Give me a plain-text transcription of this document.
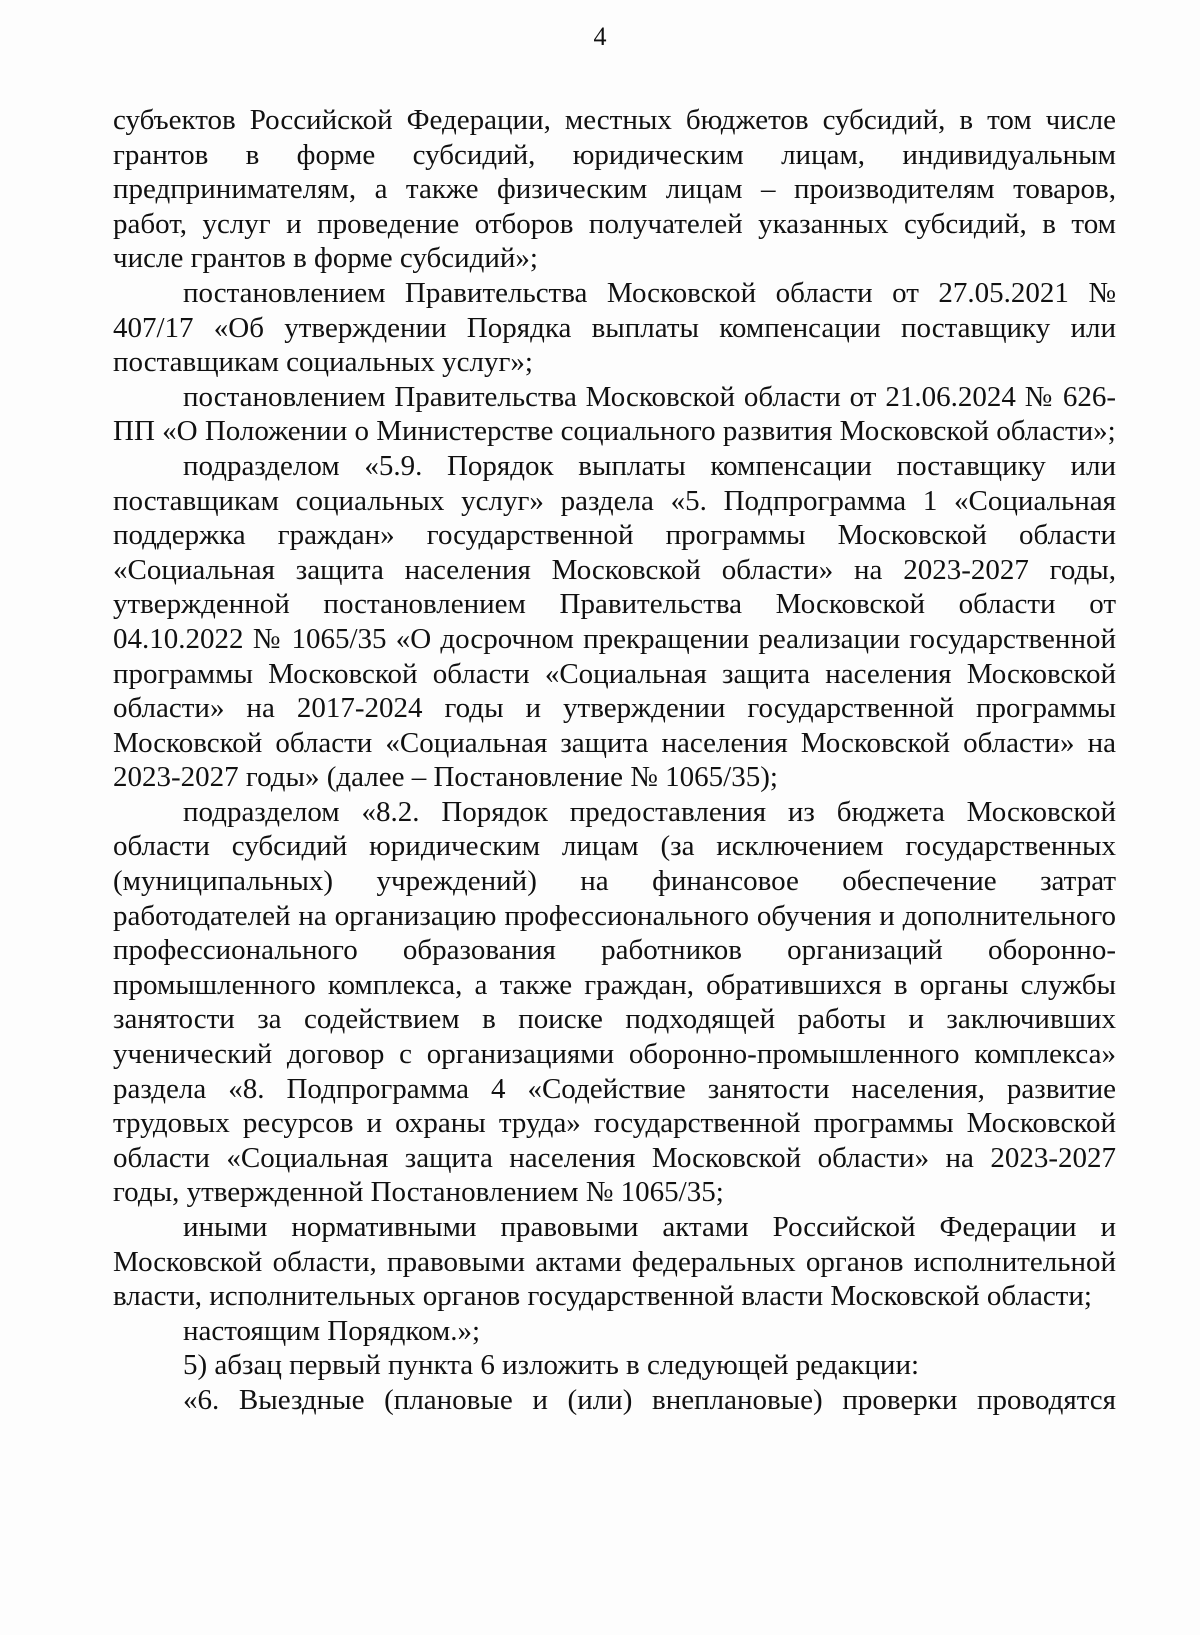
4

субъектов Российской Федерации, местных бюджетов субсидий, в том числе грантов в форме субсидий, юридическим лицам, индивидуальным предпринимателям, а также физическим лицам – производителям товаров, работ, услуг и проведение отборов получателей указанных субсидий, в том числе грантов в форме субсидий»;

постановлением Правительства Московской области от 27.05.2021 № 407/17 «Об утверждении Порядка выплаты компенсации поставщику или поставщикам социальных услуг»;

постановлением Правительства Московской области от 21.06.2024 № 626-ПП «О Положении о Министерстве социального развития Московской области»;

подразделом «5.9. Порядок выплаты компенсации поставщику или поставщикам социальных услуг» раздела «5. Подпрограмма 1 «Социальная поддержка граждан» государственной программы Московской области «Социальная защита населения Московской области» на 2023-2027 годы, утвержденной постановлением Правительства Московской области от 04.10.2022 № 1065/35 «О досрочном прекращении реализации государственной программы Московской области «Социальная защита населения Московской области» на 2017-2024 годы и утверждении государственной программы Московской области «Социальная защита населения Московской области» на 2023-2027 годы» (далее – Постановление № 1065/35);

подразделом «8.2. Порядок предоставления из бюджета Московской области субсидий юридическим лицам (за исключением государственных (муниципальных) учреждений) на финансовое обеспечение затрат работодателей на организацию профессионального обучения и дополнительного профессионального образования работников организаций оборонно-промышленного комплекса, а также граждан, обратившихся в органы службы занятости за содействием в поиске подходящей работы и заключивших ученический договор с организациями оборонно-промышленного комплекса» раздела «8. Подпрограмма 4 «Содействие занятости населения, развитие трудовых ресурсов и охраны труда» государственной программы Московской области «Социальная защита населения Московской области» на 2023-2027 годы, утвержденной Постановлением № 1065/35;

иными нормативными правовыми актами Российской Федерации и Московской области, правовыми актами федеральных органов исполнительной власти, исполнительных органов государственной власти Московской области;

настоящим Порядком.»;

5) абзац первый пункта 6 изложить в следующей редакции:

«6. Выездные (плановые и (или) внеплановые) проверки проводятся
